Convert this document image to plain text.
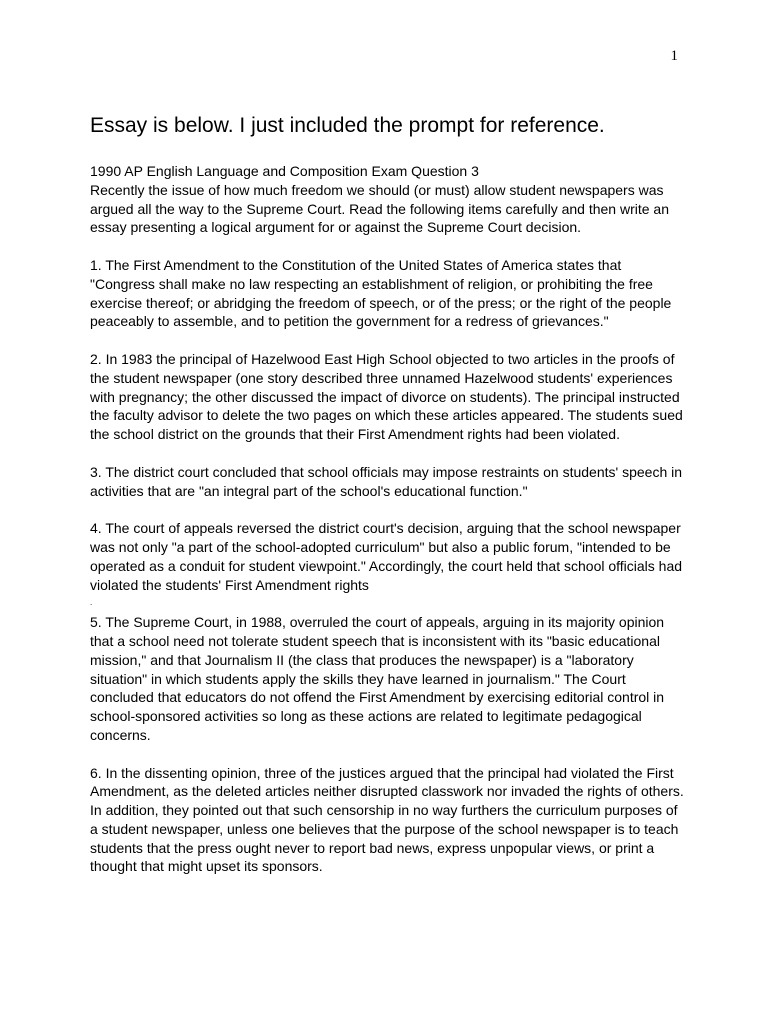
1
Essay is below. I just included the prompt for reference.

1990 AP English Language and Composition Exam Question 3
Recently the issue of how much freedom we should (or must) allow student newspapers was
argued all the way to the Supreme Court. Read the following items carefully and then write an
essay presenting a logical argument for or against the Supreme Court decision.

1. The First Amendment to the Constitution of the United States of America states that
"Congress shall make no law respecting an establishment of religion, or prohibiting the free
exercise thereof; or abridging the freedom of speech, or of the press; or the right of the people
peaceably to assemble, and to petition the government for a redress of grievances."

2. In 1983 the principal of Hazelwood East High School objected to two articles in the proofs of
the student newspaper (one story described three unnamed Hazelwood students' experiences
with pregnancy; the other discussed the impact of divorce on students). The principal instructed
the faculty advisor to delete the two pages on which these articles appeared. The students sued
the school district on the grounds that their First Amendment rights had been violated.

3. The district court concluded that school officials may impose restraints on students' speech in
activities that are "an integral part of the school's educational function."

4. The court of appeals reversed the district court's decision, arguing that the school newspaper
was not only "a part of the school-adopted curriculum" but also a public forum, "intended to be
operated as a conduit for student viewpoint." Accordingly, the court held that school officials had
violated the students' First Amendment rights

.

5. The Supreme Court, in 1988, overruled the court of appeals, arguing in its majority opinion
that a school need not tolerate student speech that is inconsistent with its "basic educational
mission," and that Journalism II (the class that produces the newspaper) is a "laboratory
situation" in which students apply the skills they have learned in journalism." The Court
concluded that educators do not offend the First Amendment by exercising editorial control in
school-sponsored activities so long as these actions are related to legitimate pedagogical
concerns.

6. In the dissenting opinion, three of the justices argued that the principal had violated the First
Amendment, as the deleted articles neither disrupted classwork nor invaded the rights of others.
In addition, they pointed out that such censorship in no way furthers the curriculum purposes of
a student newspaper, unless one believes that the purpose of the school newspaper is to teach
students that the press ought never to report bad news, express unpopular views, or print a
thought that might upset its sponsors.
